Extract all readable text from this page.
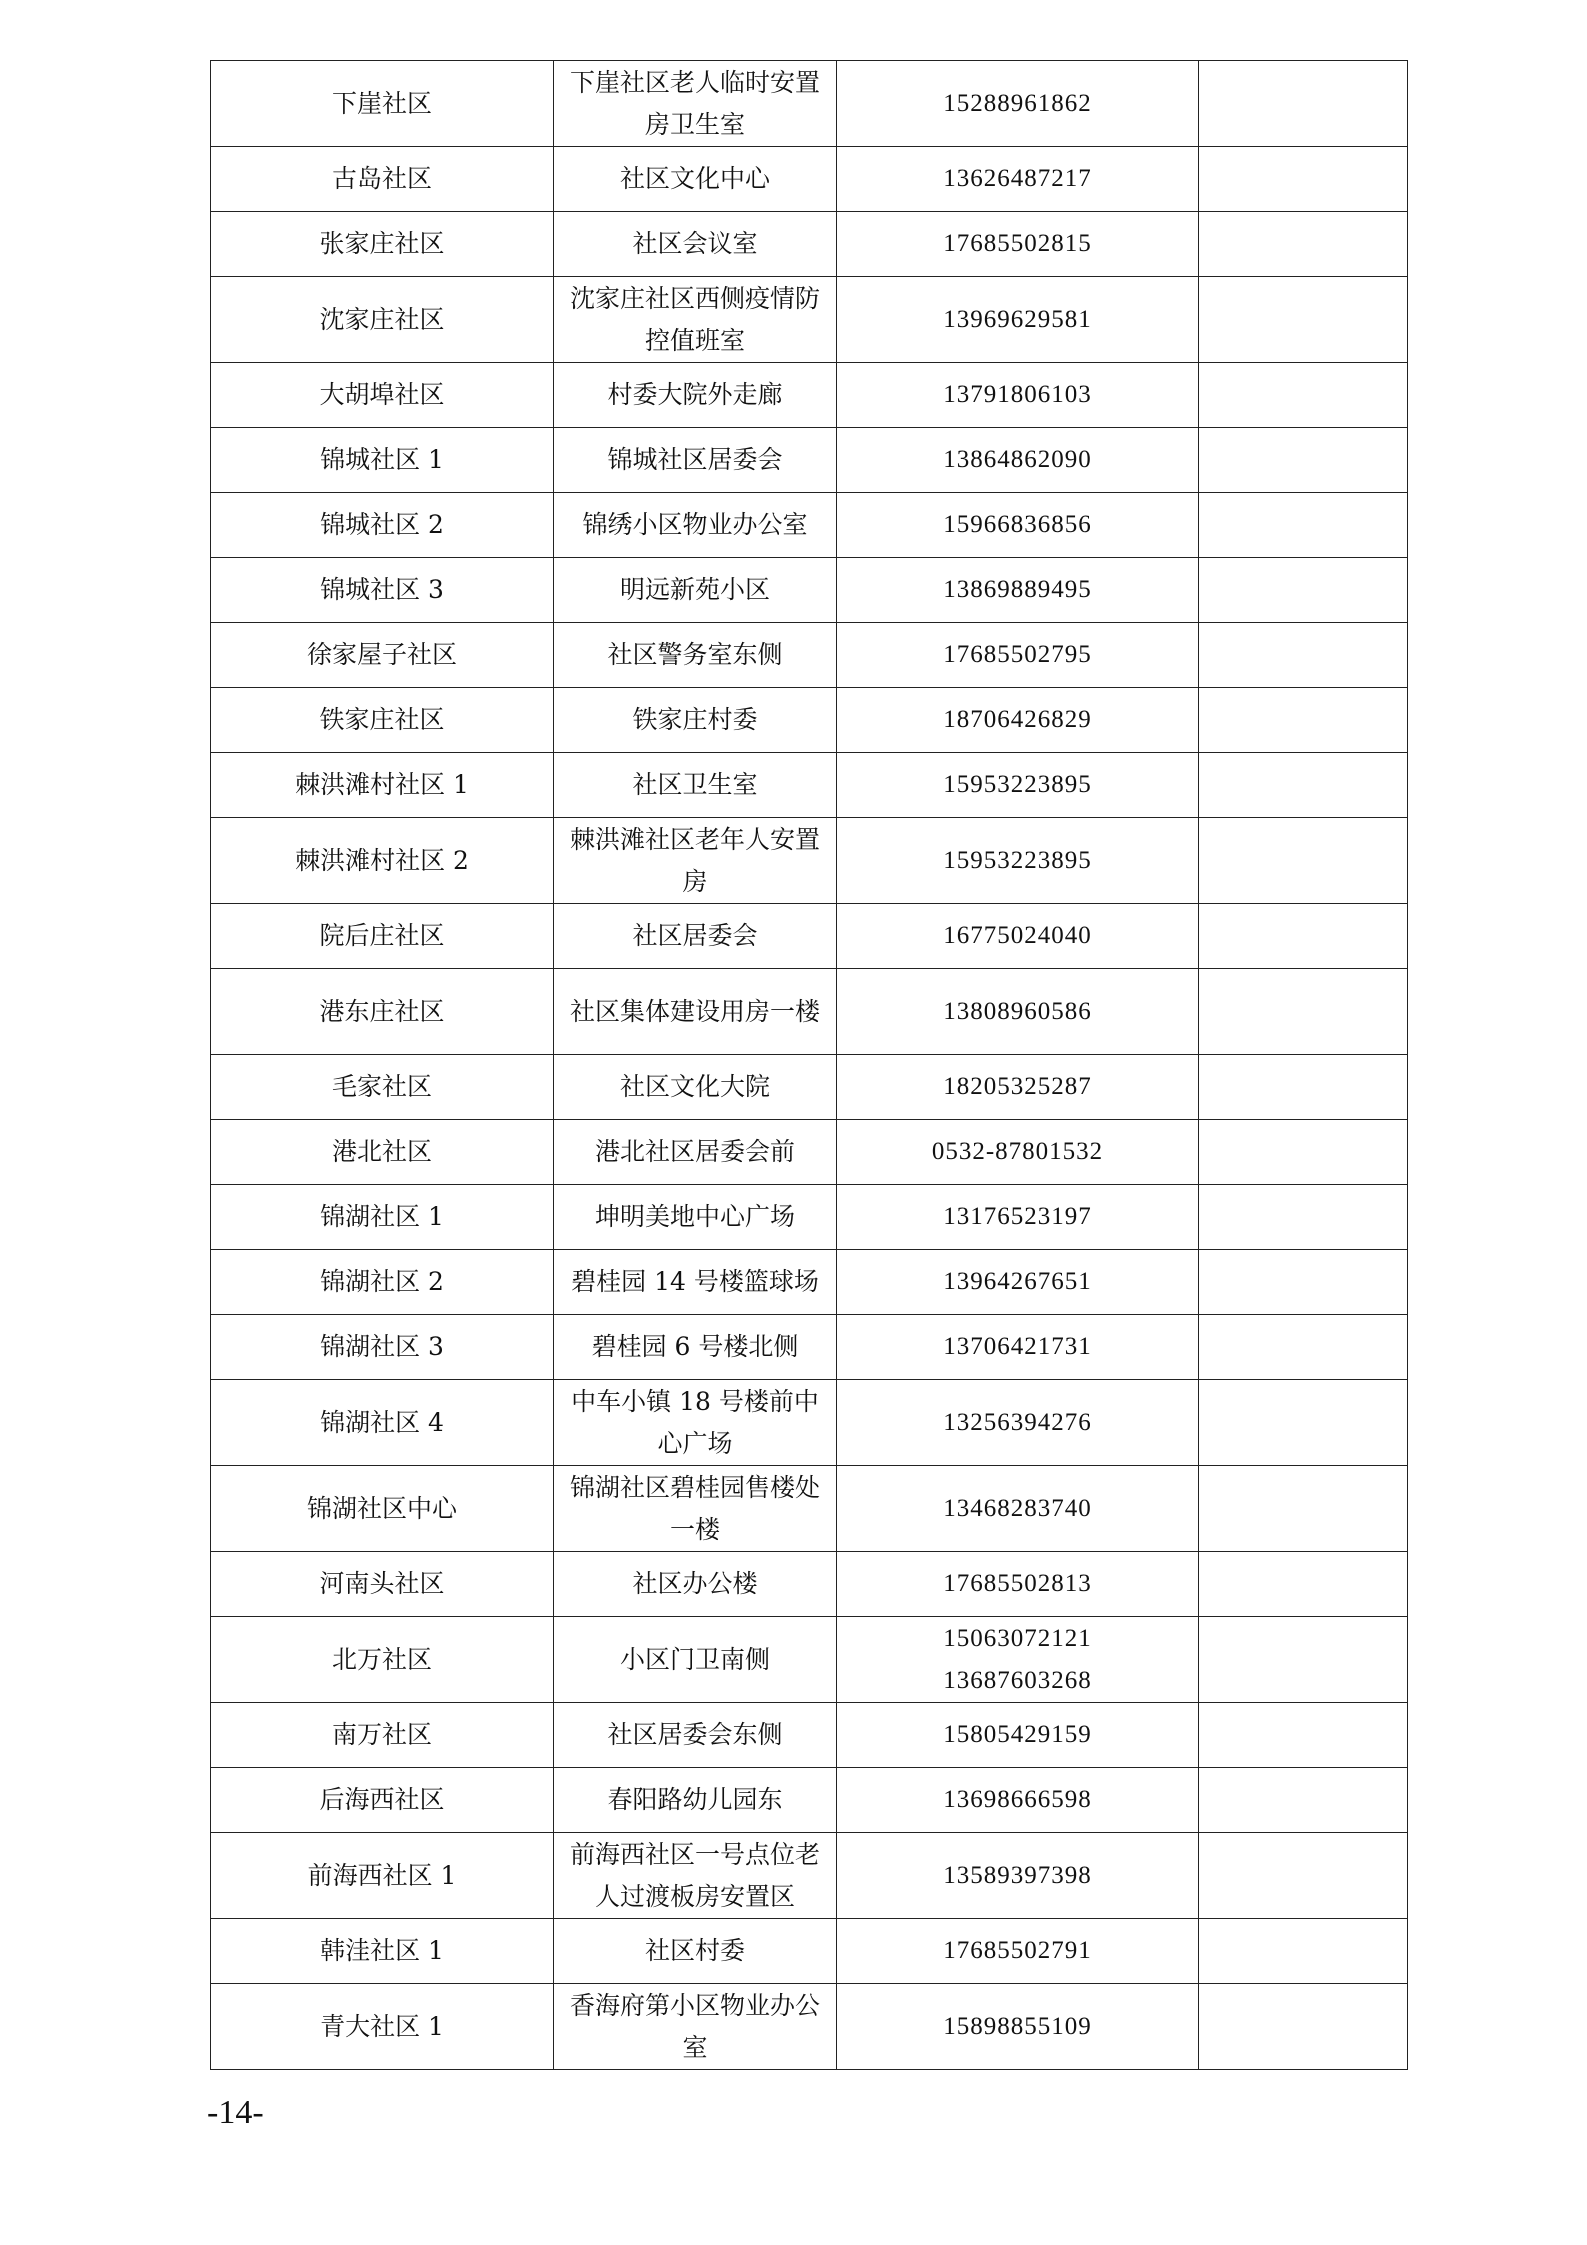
下崖社区	下崖社区老人临时安置房卫生室	15288961862	

古岛社区	社区文化中心	13626487217	

张家庄社区	社区会议室	17685502815	

沈家庄社区	沈家庄社区西侧疫情防控值班室	13969629581	

大胡埠社区	村委大院外走廊	13791806103	

锦城社区 1	锦城社区居委会	13864862090	

锦城社区 2	锦绣小区物业办公室	15966836856	

锦城社区 3	明远新苑小区	13869889495	

徐家屋子社区	社区警务室东侧	17685502795	

铁家庄社区	铁家庄村委	18706426829	

棘洪滩村社区 1	社区卫生室	15953223895	

棘洪滩村社区 2	棘洪滩社区老年人安置房	15953223895	

院后庄社区	社区居委会	16775024040	

港东庄社区	社区集体建设用房一楼	13808960586	

毛家社区	社区文化大院	18205325287	

港北社区	港北社区居委会前	0532-87801532	

锦湖社区 1	坤明美地中心广场	13176523197	

锦湖社区 2	碧桂园 14 号楼篮球场	13964267651	

锦湖社区 3	碧桂园 6 号楼北侧	13706421731	

锦湖社区 4	中车小镇 18 号楼前中心广场	13256394276	

锦湖社区中心	锦湖社区碧桂园售楼处一楼	13468283740	

河南头社区	社区办公楼	17685502813	

北万社区	小区门卫南侧	15063072121
13687603268	

南万社区	社区居委会东侧	15805429159	

后海西社区	春阳路幼儿园东	13698666598	

前海西社区 1	前海西社区一号点位老人过渡板房安置区	13589397398	

韩洼社区 1	社区村委	17685502791	

青大社区 1	香海府第小区物业办公室	15898855109	

-14-
